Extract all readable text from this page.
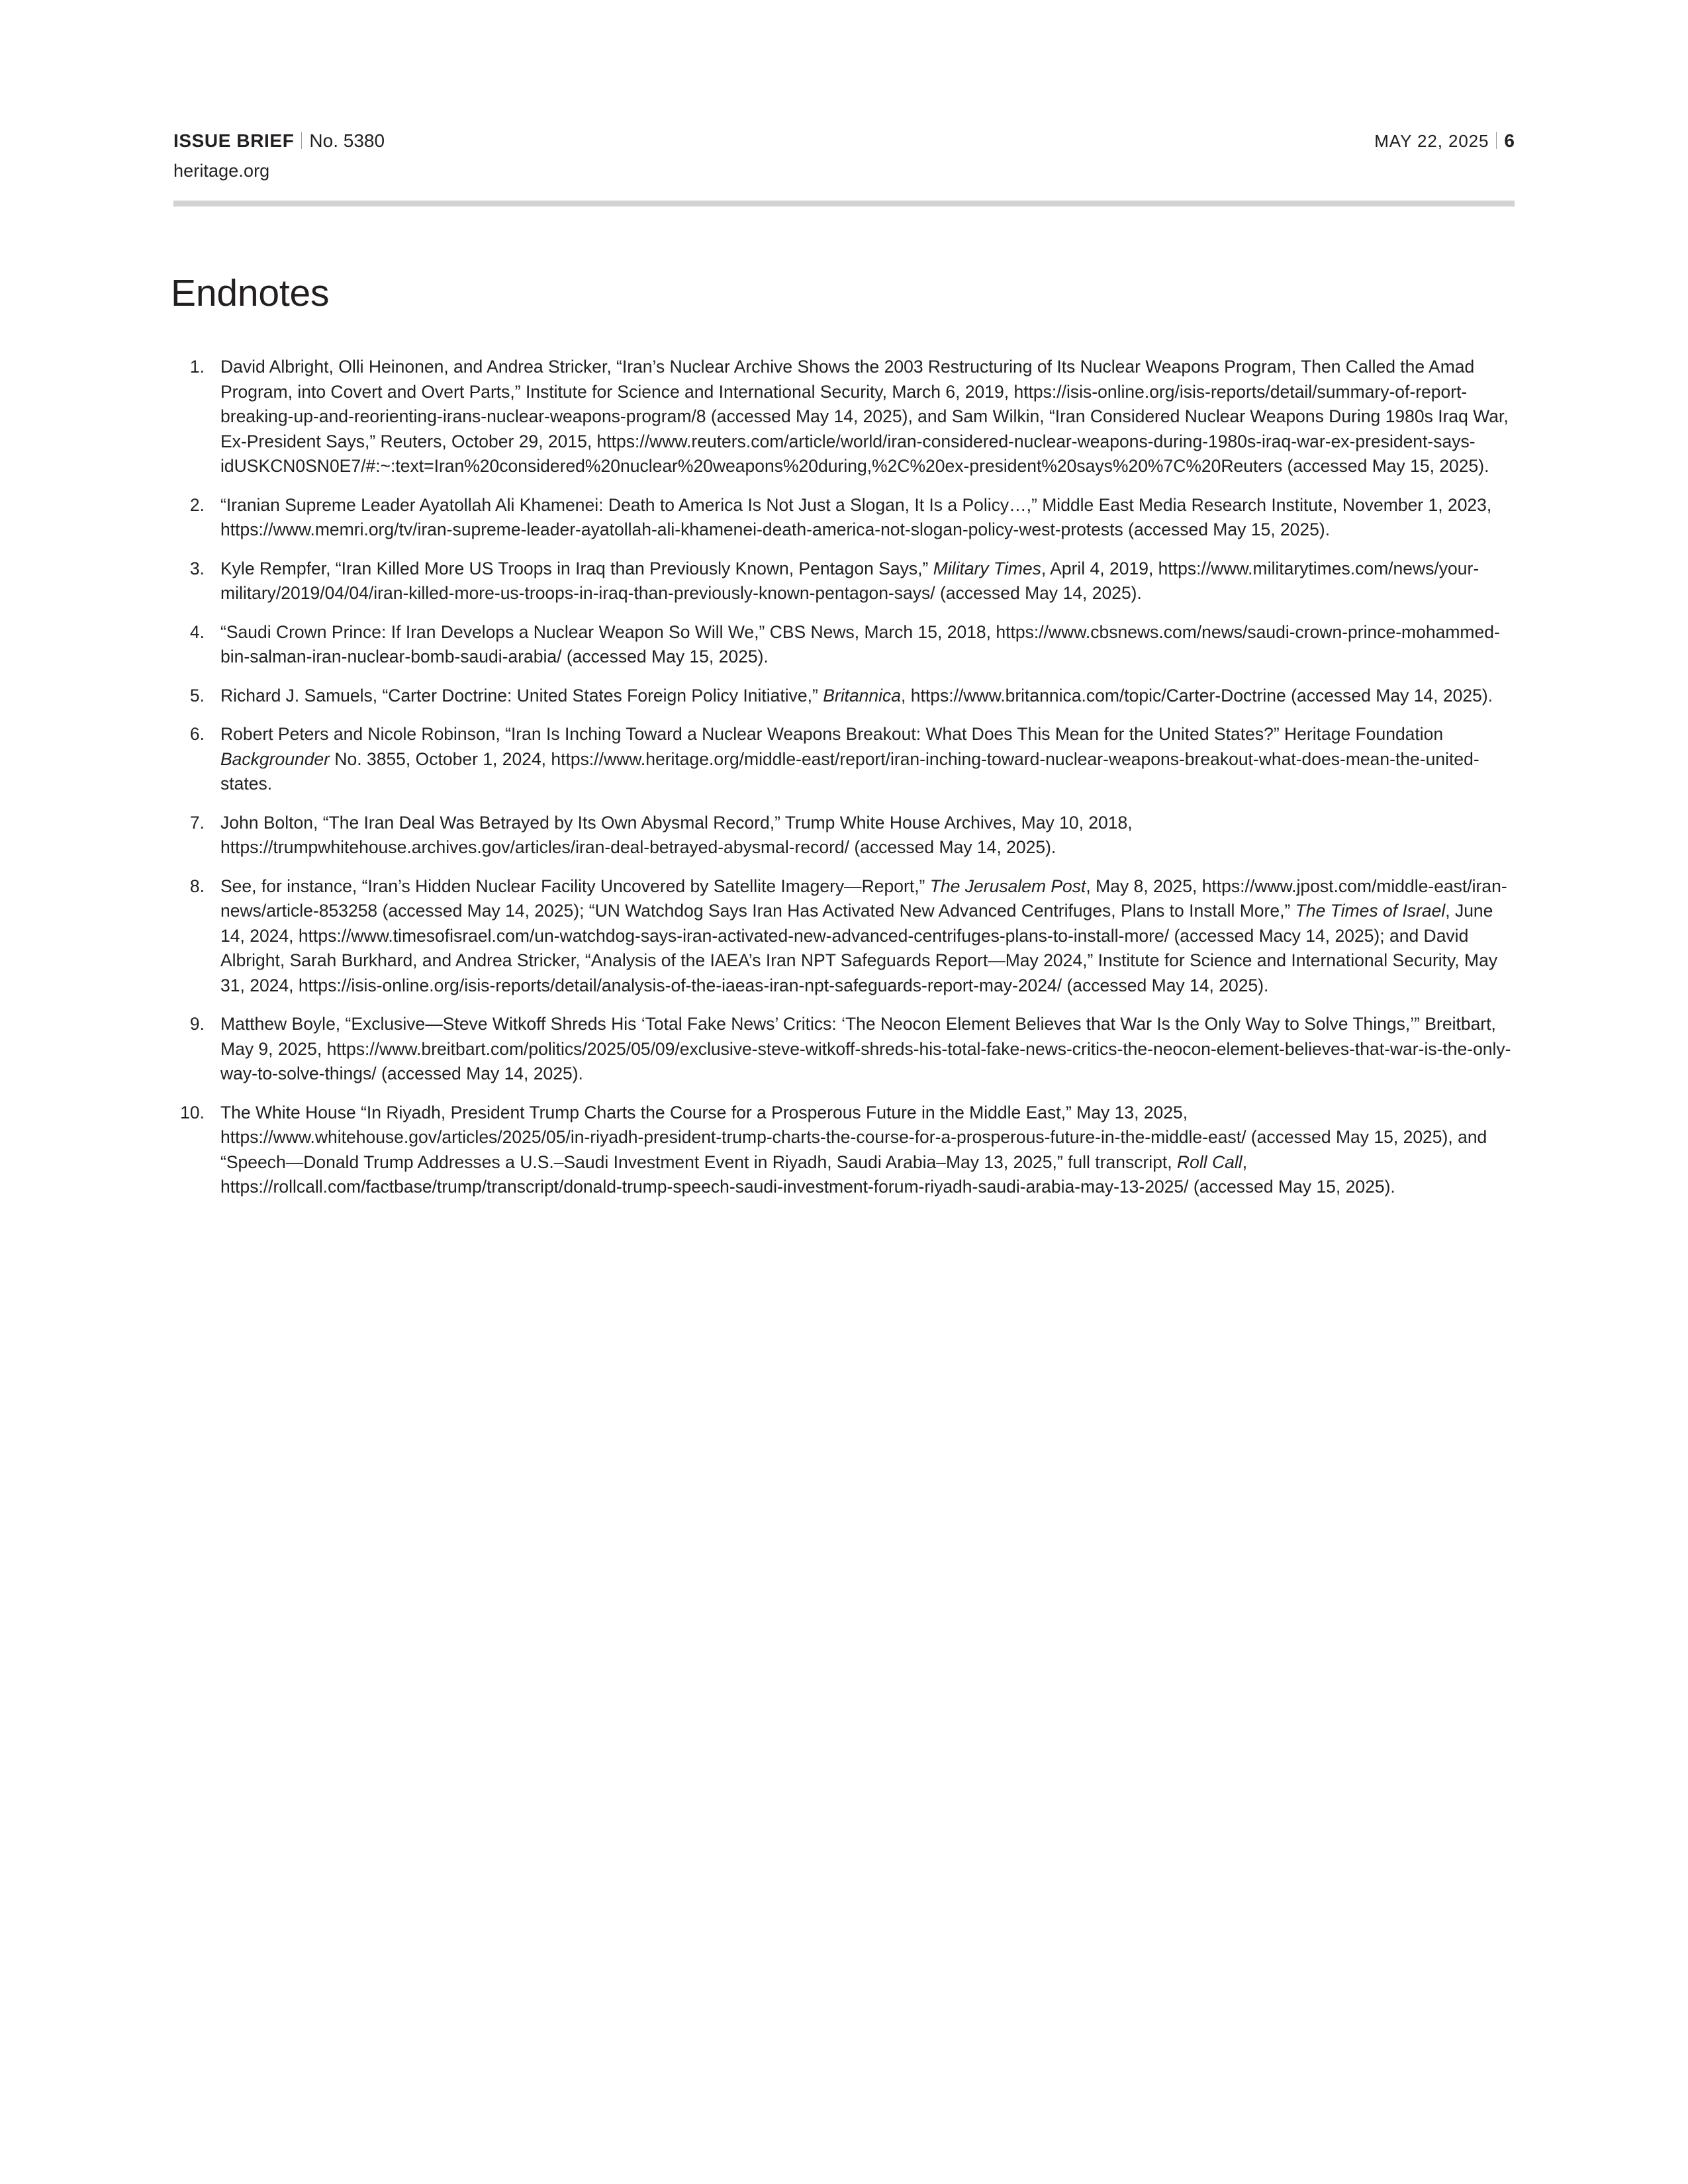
ISSUE BRIEF No. 5380	MAY 22, 2025 6
heritage.org
Endnotes
1. David Albright, Olli Heinonen, and Andrea Stricker, “Iran’s Nuclear Archive Shows the 2003 Restructuring of Its Nuclear Weapons Program, Then Called the Amad Program, into Covert and Overt Parts,” Institute for Science and International Security, March 6, 2019, https://isis-online.org/isis-reports/detail/summary-of-report-breaking-up-and-reorienting-irans-nuclear-weapons-program/8 (accessed May 14, 2025), and Sam Wilkin, “Iran Considered Nuclear Weapons During 1980s Iraq War, Ex-President Says,” Reuters, October 29, 2015, https://www.reuters.com/article/world/iran-considered-nuclear-weapons-during-1980s-iraq-war-ex-president-says-idUSKCN0SN0E7/#:~:text=Iran%20considered%20nuclear%20weapons%20during,%2C%20ex-president%20says%20%7C%20Reuters (accessed May 15, 2025).
2. “Iranian Supreme Leader Ayatollah Ali Khamenei: Death to America Is Not Just a Slogan, It Is a Policy…,” Middle East Media Research Institute, November 1, 2023, https://www.memri.org/tv/iran-supreme-leader-ayatollah-ali-khamenei-death-america-not-slogan-policy-west-protests (accessed May 15, 2025).
3. Kyle Rempfer, “Iran Killed More US Troops in Iraq than Previously Known, Pentagon Says,” Military Times, April 4, 2019, https://www.militarytimes.com/news/your-military/2019/04/04/iran-killed-more-us-troops-in-iraq-than-previously-known-pentagon-says/ (accessed May 14, 2025).
4. “Saudi Crown Prince: If Iran Develops a Nuclear Weapon So Will We,” CBS News, March 15, 2018, https://www.cbsnews.com/news/saudi-crown-prince-mohammed-bin-salman-iran-nuclear-bomb-saudi-arabia/ (accessed May 15, 2025).
5. Richard J. Samuels, “Carter Doctrine: United States Foreign Policy Initiative,” Britannica, https://www.britannica.com/topic/Carter-Doctrine (accessed May 14, 2025).
6. Robert Peters and Nicole Robinson, “Iran Is Inching Toward a Nuclear Weapons Breakout: What Does This Mean for the United States?” Heritage Foundation Backgrounder No. 3855, October 1, 2024, https://www.heritage.org/middle-east/report/iran-inching-toward-nuclear-weapons-breakout-what-does-mean-the-united-states.
7. John Bolton, “The Iran Deal Was Betrayed by Its Own Abysmal Record,” Trump White House Archives, May 10, 2018, https://trumpwhitehouse.archives.gov/articles/iran-deal-betrayed-abysmal-record/ (accessed May 14, 2025).
8. See, for instance, “Iran’s Hidden Nuclear Facility Uncovered by Satellite Imagery—Report,” The Jerusalem Post, May 8, 2025, https://www.jpost.com/middle-east/iran-news/article-853258 (accessed May 14, 2025); “UN Watchdog Says Iran Has Activated New Advanced Centrifuges, Plans to Install More,” The Times of Israel, June 14, 2024, https://www.timesofisrael.com/un-watchdog-says-iran-activated-new-advanced-centrifuges-plans-to-install-more/ (accessed Macy 14, 2025); and David Albright, Sarah Burkhard, and Andrea Stricker, “Analysis of the IAEA’s Iran NPT Safeguards Report—May 2024,” Institute for Science and International Security, May 31, 2024, https://isis-online.org/isis-reports/detail/analysis-of-the-iaeas-iran-npt-safeguards-report-may-2024/ (accessed May 14, 2025).
9. Matthew Boyle, “Exclusive—Steve Witkoff Shreds His ‘Total Fake News’ Critics: ‘The Neocon Element Believes that War Is the Only Way to Solve Things,’” Breitbart, May 9, 2025, https://www.breitbart.com/politics/2025/05/09/exclusive-steve-witkoff-shreds-his-total-fake-news-critics-the-neocon-element-believes-that-war-is-the-only-way-to-solve-things/ (accessed May 14, 2025).
10. The White House “In Riyadh, President Trump Charts the Course for a Prosperous Future in the Middle East,” May 13, 2025, https://www.whitehouse.gov/articles/2025/05/in-riyadh-president-trump-charts-the-course-for-a-prosperous-future-in-the-middle-east/ (accessed May 15, 2025), and “Speech—Donald Trump Addresses a U.S.–Saudi Investment Event in Riyadh, Saudi Arabia–May 13, 2025,” full transcript, Roll Call, https://rollcall.com/factbase/trump/transcript/donald-trump-speech-saudi-investment-forum-riyadh-saudi-arabia-may-13-2025/ (accessed May 15, 2025).
